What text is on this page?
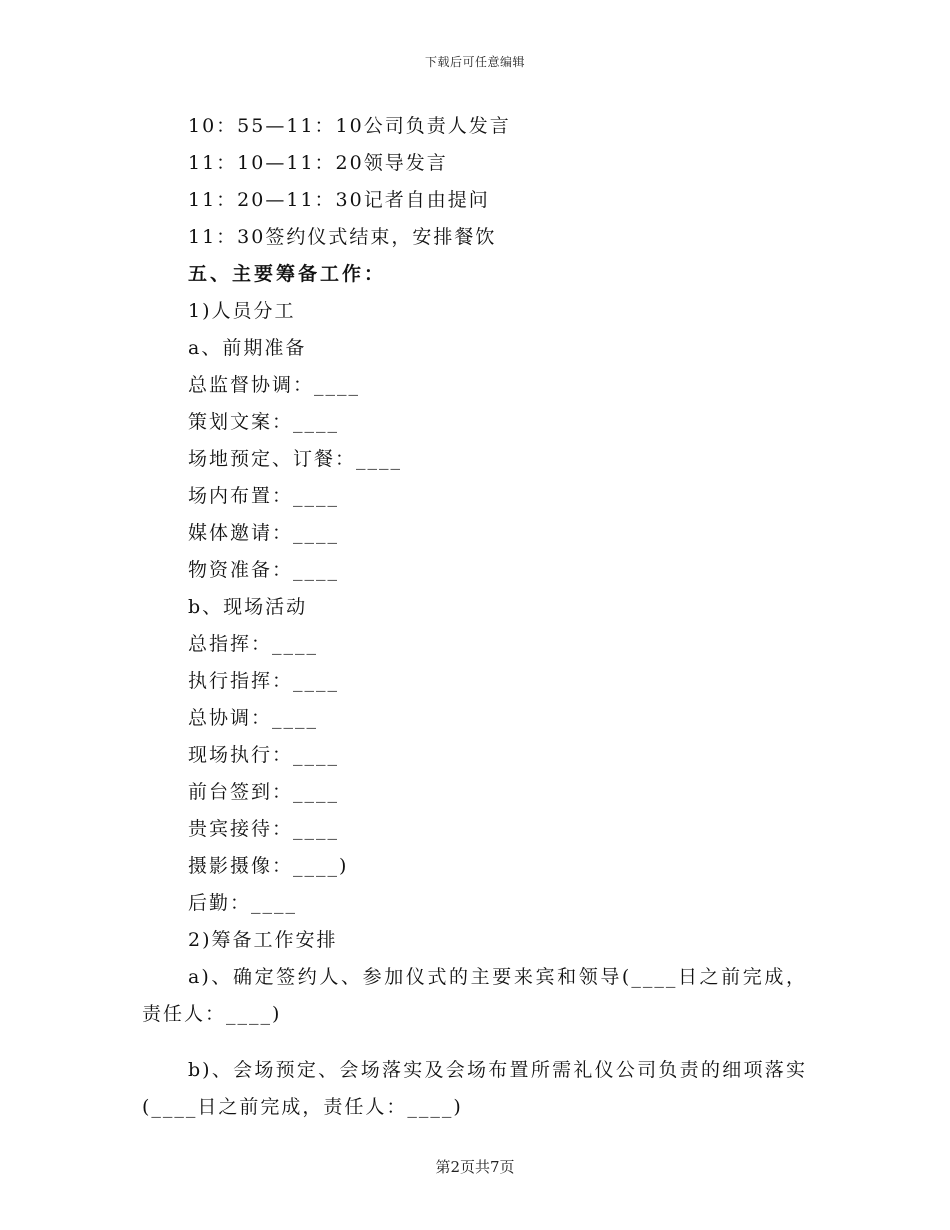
下载后可任意编辑
10：55—11：10公司负责人发言
11：10—11：20领导发言
11：20—11：30记者自由提问
11：30签约仪式结束，安排餐饮
五、主要筹备工作：
1)人员分工
a、前期准备
总监督协调：____
策划文案：____
场地预定、订餐：____
场内布置：____
媒体邀请：____
物资准备：____
b、现场活动
总指挥：____
执行指挥：____
总协调：____
现场执行：____
前台签到：____
贵宾接待：____
摄影摄像：____)
后勤：____
2)筹备工作安排

a)、确定签约人、参加仪式的主要来宾和领导(____日之前完成，责任人：____)

b)、会场预定、会场落实及会场布置所需礼仪公司负责的细项落实(____日之前完成，责任人：____)

第2页共7页
